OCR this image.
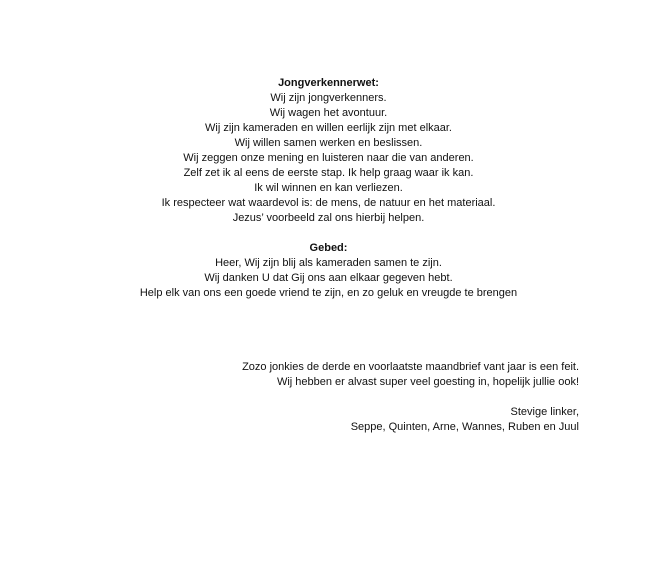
Jongverkennerwet:
Wij zijn jongverkenners.
Wij wagen het avontuur.
Wij zijn kameraden en willen eerlijk zijn met elkaar.
Wij willen samen werken en beslissen.
Wij zeggen onze mening en luisteren naar die van anderen.
Zelf zet ik al eens de eerste stap. Ik help graag waar ik kan.
Ik wil winnen en kan verliezen.
Ik respecteer wat waardevol is: de mens, de natuur en het materiaal.
Jezus’ voorbeeld zal ons hierbij helpen.
Gebed:
Heer, Wij zijn blij als kameraden samen te zijn.
Wij danken U dat Gij ons aan elkaar gegeven hebt.
Help elk van ons een goede vriend te zijn, en zo geluk en vreugde te brengen
Zozo jonkies de derde en voorlaatste maandbrief vant jaar is een feit.
Wij hebben er alvast super veel goesting in, hopelijk jullie ook!
Stevige linker,
Seppe, Quinten, Arne, Wannes, Ruben en Juul
